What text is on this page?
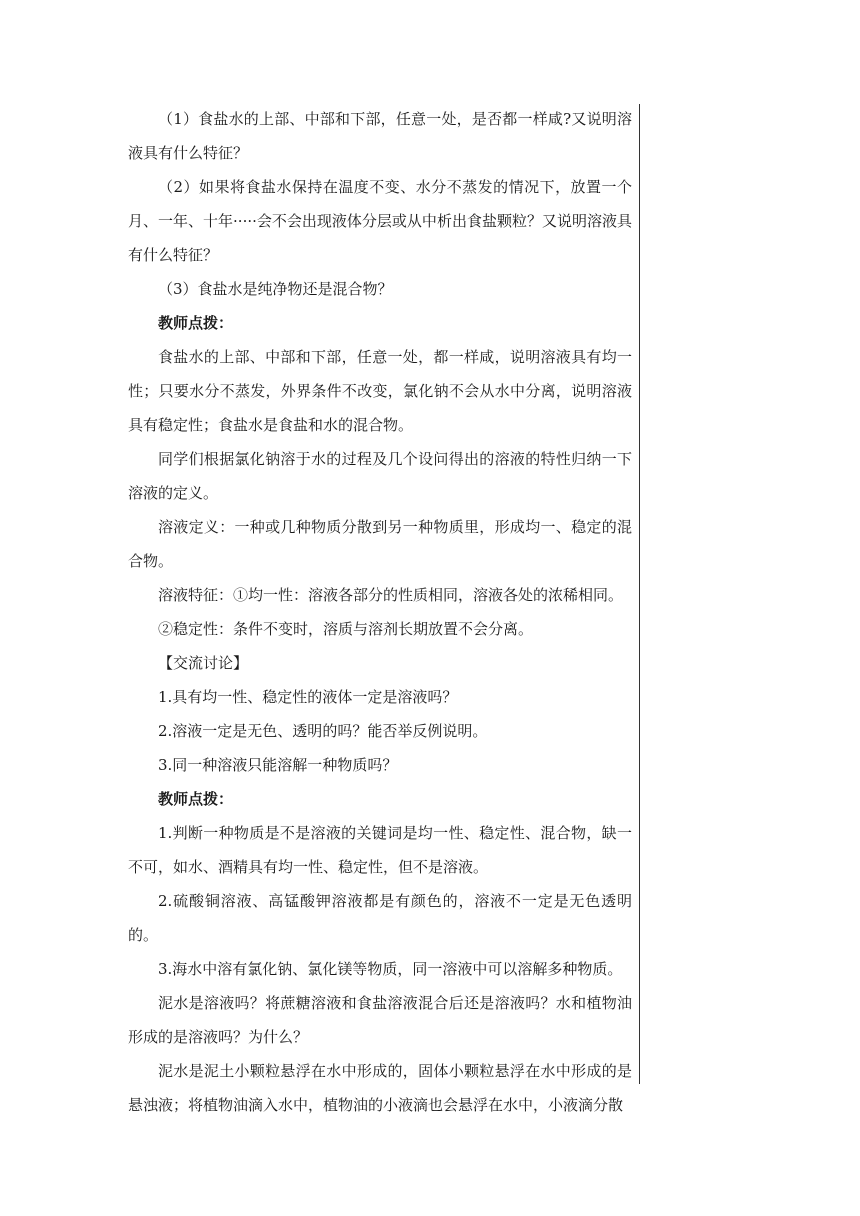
（1）食盐水的上部、中部和下部，任意一处，是否都一样咸?又说明溶液具有什么特征？

（2）如果将食盐水保持在温度不变、水分不蒸发的情况下，放置一个月、一年、十年·····会不会出现液体分层或从中析出食盐颗粒？又说明溶液具有什么特征？

（3）食盐水是纯净物还是混合物？

教师点拨：

食盐水的上部、中部和下部，任意一处，都一样咸，说明溶液具有均一性；只要水分不蒸发，外界条件不改变，氯化钠不会从水中分离，说明溶液具有稳定性；食盐水是食盐和水的混合物。

同学们根据氯化钠溶于水的过程及几个设问得出的溶液的特性归纳一下溶液的定义。

溶液定义：一种或几种物质分散到另一种物质里，形成均一、稳定的混合物。

溶液特征：①均一性：溶液各部分的性质相同，溶液各处的浓稀相同。

②稳定性：条件不变时，溶质与溶剂长期放置不会分离。

【交流讨论】

1.具有均一性、稳定性的液体一定是溶液吗？

2.溶液一定是无色、透明的吗？能否举反例说明。

3.同一种溶液只能溶解一种物质吗？

教师点拨：

1.判断一种物质是不是溶液的关键词是均一性、稳定性、混合物，缺一不可，如水、酒精具有均一性、稳定性，但不是溶液。

2.硫酸铜溶液、高锰酸钾溶液都是有颜色的，溶液不一定是无色透明的。

3.海水中溶有氯化钠、氯化镁等物质，同一溶液中可以溶解多种物质。

泥水是溶液吗？将蔗糖溶液和食盐溶液混合后还是溶液吗？水和植物油形成的是溶液吗？为什么？

泥水是泥土小颗粒悬浮在水中形成的，固体小颗粒悬浮在水中形成的是悬浊液；将植物油滴入水中，植物油的小液滴也会悬浮在水中，小液滴分散
